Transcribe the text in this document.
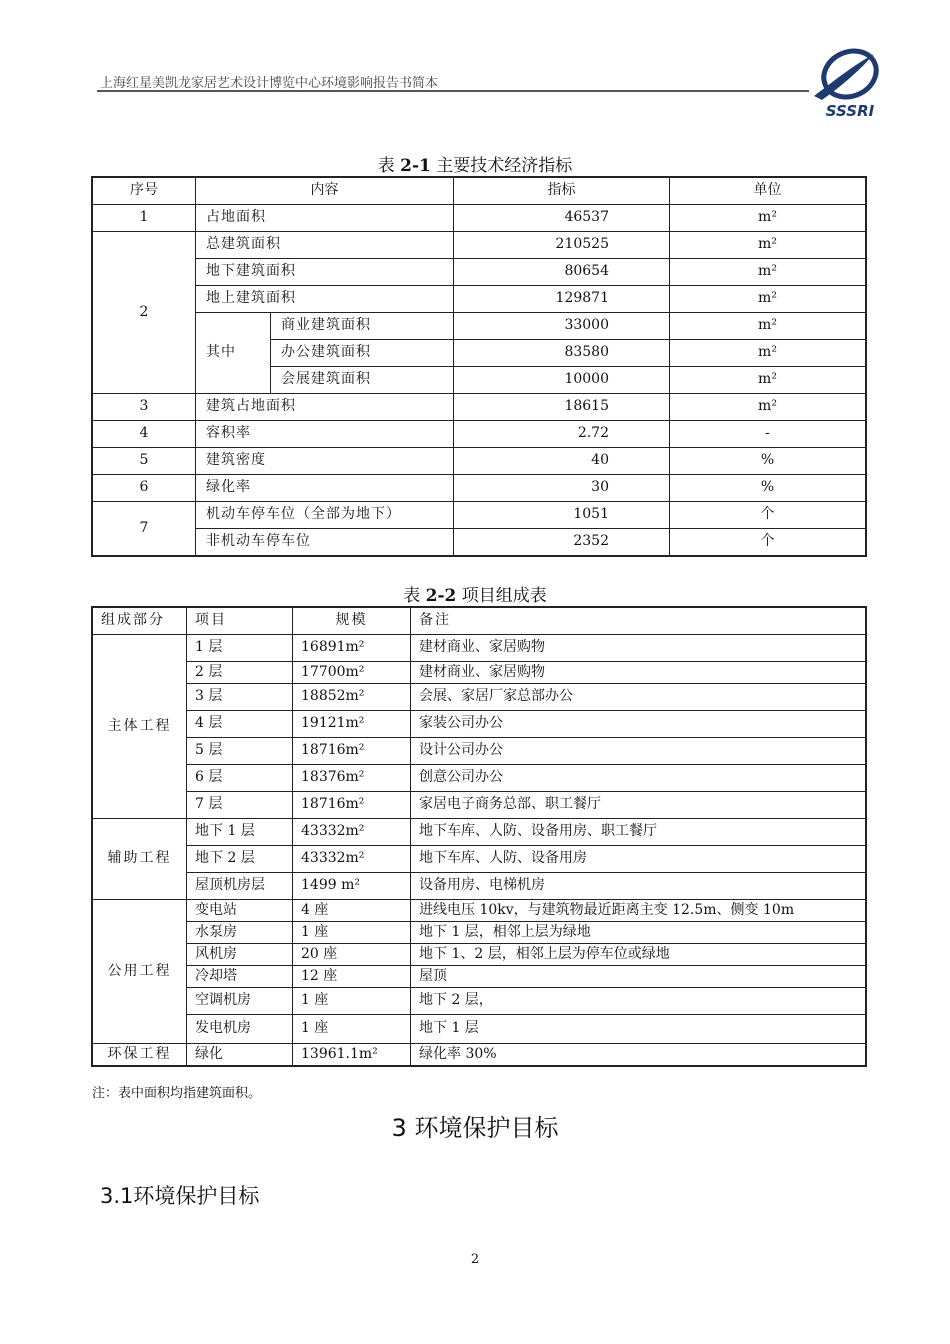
上海红星美凯龙家居艺术设计博览中心环境影响报告书简本
SSSRI
表 2-1 主要技术经济指标
序号	内容		指标	单位
1	占地面积		46537	m²
2	总建筑面积		210525	m²
	地下建筑面积		80654	m²
	地上建筑面积		129871	m²
	其中	商业建筑面积	33000	m²
		办公建筑面积	83580	m²
		会展建筑面积	10000	m²
3	建筑占地面积		18615	m²
4	容积率		2.72	-
5	建筑密度		40	%
6	绿化率		30	%
7	机动车停车位（全部为地下）		1051	个
	非机动车停车位		2352	个
表 2-2 项目组成表
组成部分	项目	规模	备注
主体工程	1 层	16891m²	建材商业、家居购物
	2 层	17700m²	建材商业、家居购物
	3 层	18852m²	会展、家居厂家总部办公
	4 层	19121m²	家装公司办公
	5 层	18716m²	设计公司办公
	6 层	18376m²	创意公司办公
	7 层	18716m²	家居电子商务总部、职工餐厅
辅助工程	地下 1 层	43332m²	地下车库、人防、设备用房、职工餐厅
	地下 2 层	43332m²	地下车库、人防、设备用房
	屋顶机房层	1499 m²	设备用房、电梯机房
公用工程	变电站	4 座	进线电压 10kv，与建筑物最近距离主变 12.5m、侧变 10m
	水泵房	1 座	地下 1 层，相邻上层为绿地
	风机房	20 座	地下 1、2 层，相邻上层为停车位或绿地
	冷却塔	12 座	屋顶
	空调机房	1 座	地下 2 层，
	发电机房	1 座	地下 1 层
环保工程	绿化	13961.1m²	绿化率 30%
注：表中面积均指建筑面积。
3 环境保护目标
3.1环境保护目标
2
